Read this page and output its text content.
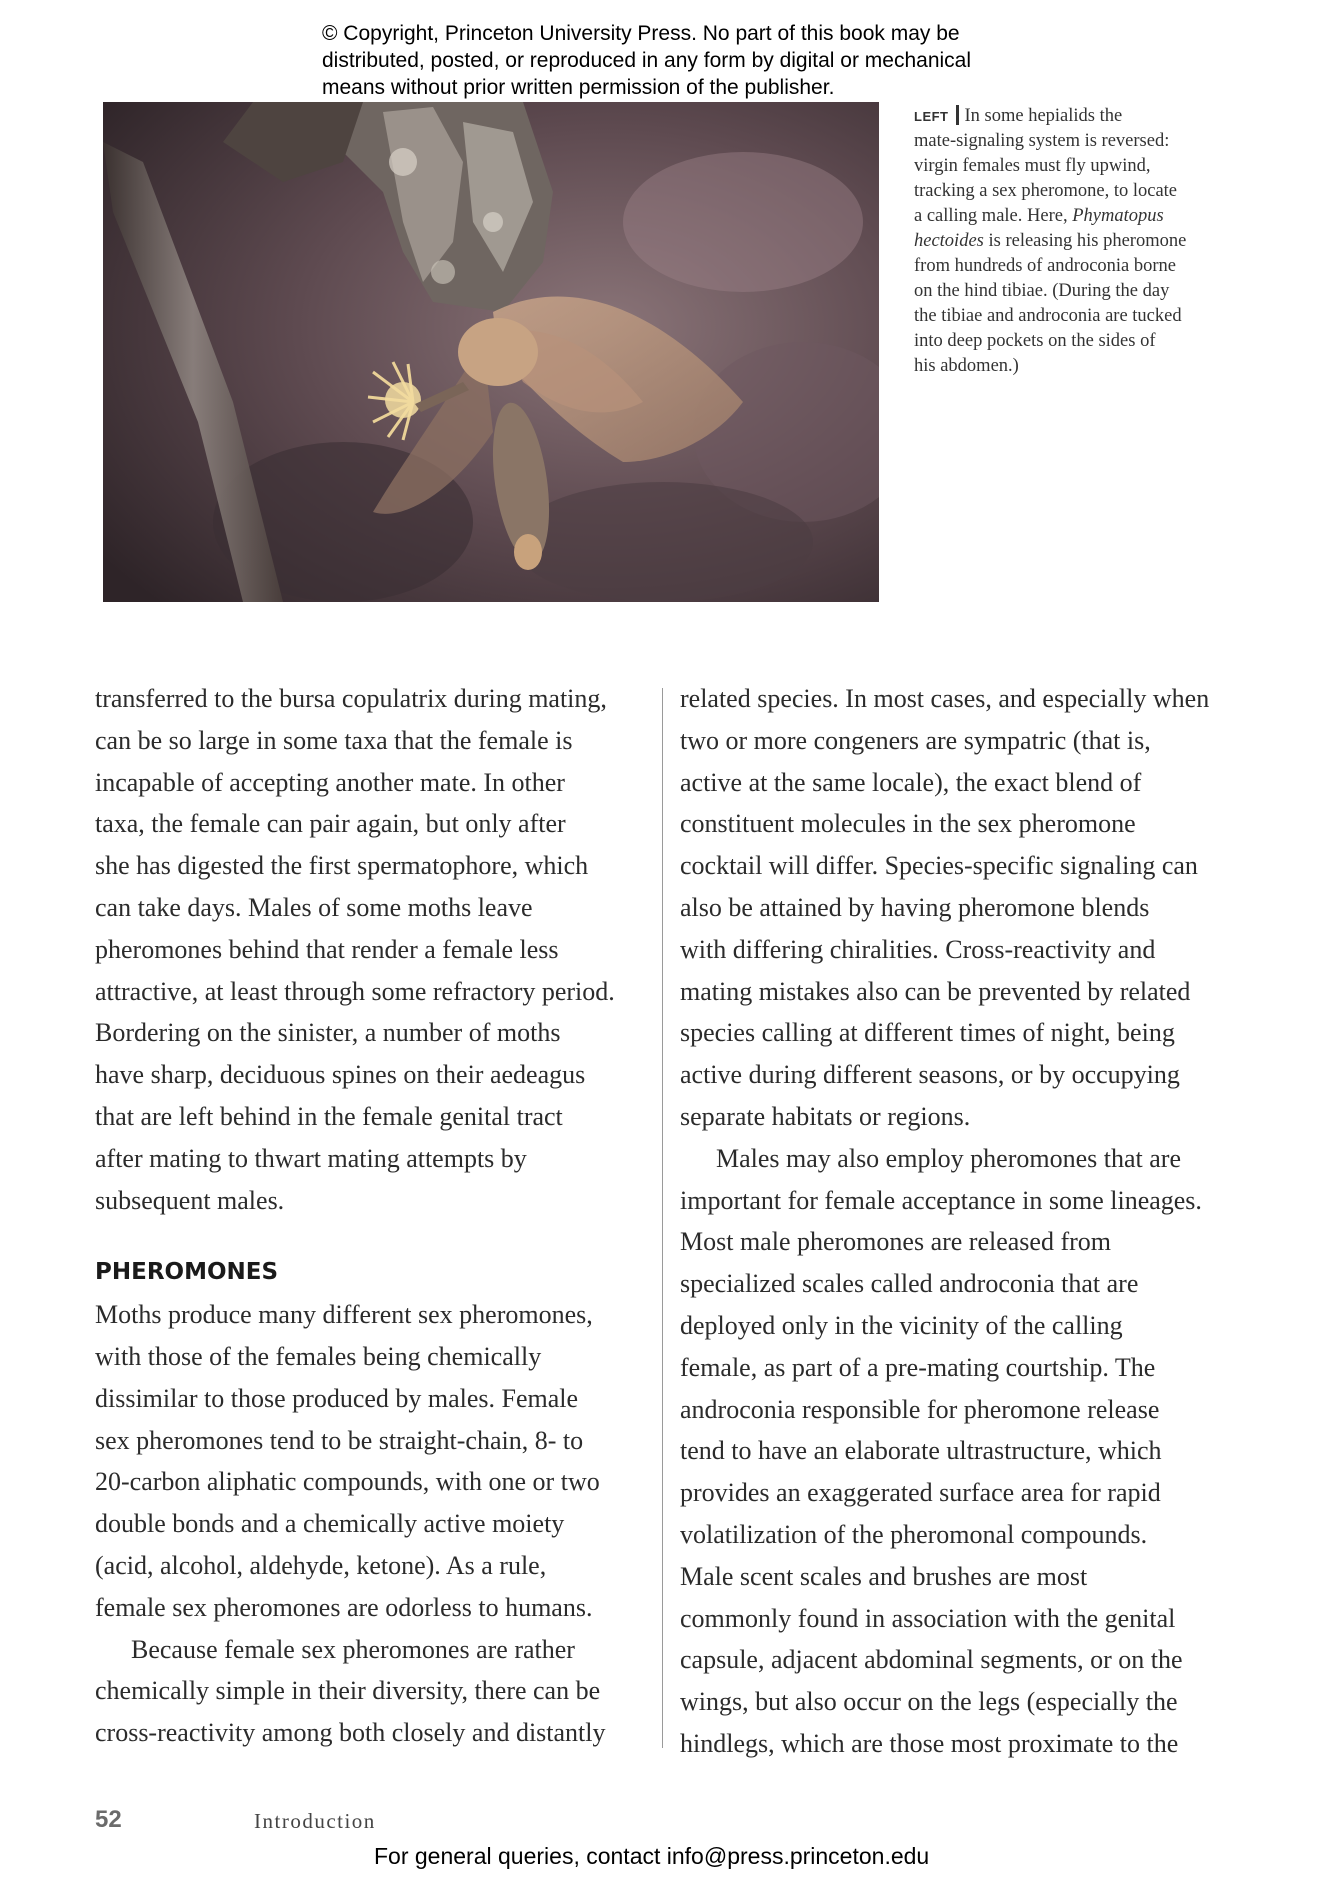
© Copyright, Princeton University Press. No part of this book may be
distributed, posted, or reproduced in any form by digital or mechanical
means without prior written permission of the publisher.
LEFT In some hepialids the
mate-signaling system is reversed:
virgin females must fly upwind,
tracking a sex pheromone, to locate
a calling male. Here, Phymatopus
hectoides is releasing his pheromone
from hundreds of androconia borne
on the hind tibiae. (During the day
the tibiae and androconia are tucked
into deep pockets on the sides of
his abdomen.)
transferred to the bursa copulatrix during mating,
can be so large in some taxa that the female is
incapable of accepting another mate. In other
taxa, the female can pair again, but only after
she has digested the first spermatophore, which
can take days. Males of some moths leave
pheromones behind that render a female less
attractive, at least through some refractory period.
Bordering on the sinister, a number of moths
have sharp, deciduous spines on their aedeagus
that are left behind in the female genital tract
after mating to thwart mating attempts by
subsequent males.
PHEROMONES
Moths produce many different sex pheromones,
with those of the females being chemically
dissimilar to those produced by males. Female
sex pheromones tend to be straight-chain, 8- to
20-carbon aliphatic compounds, with one or two
double bonds and a chemically active moiety
(acid, alcohol, aldehyde, ketone). As a rule,
female sex pheromones are odorless to humans.
Because female sex pheromones are rather
chemically simple in their diversity, there can be
cross-reactivity among both closely and distantly
related species. In most cases, and especially when
two or more congeners are sympatric (that is,
active at the same locale), the exact blend of
constituent molecules in the sex pheromone
cocktail will differ. Species-specific signaling can
also be attained by having pheromone blends
with differing chiralities. Cross-reactivity and
mating mistakes also can be prevented by related
species calling at different times of night, being
active during different seasons, or by occupying
separate habitats or regions.
Males may also employ pheromones that are
important for female acceptance in some lineages.
Most male pheromones are released from
specialized scales called androconia that are
deployed only in the vicinity of the calling
female, as part of a pre-mating courtship. The
androconia responsible for pheromone release
tend to have an elaborate ultrastructure, which
provides an exaggerated surface area for rapid
volatilization of the pheromonal compounds.
Male scent scales and brushes are most
commonly found in association with the genital
capsule, adjacent abdominal segments, or on the
wings, but also occur on the legs (especially the
hindlegs, which are those most proximate to the
52	Introduction
For general queries, contact info@press.princeton.edu
